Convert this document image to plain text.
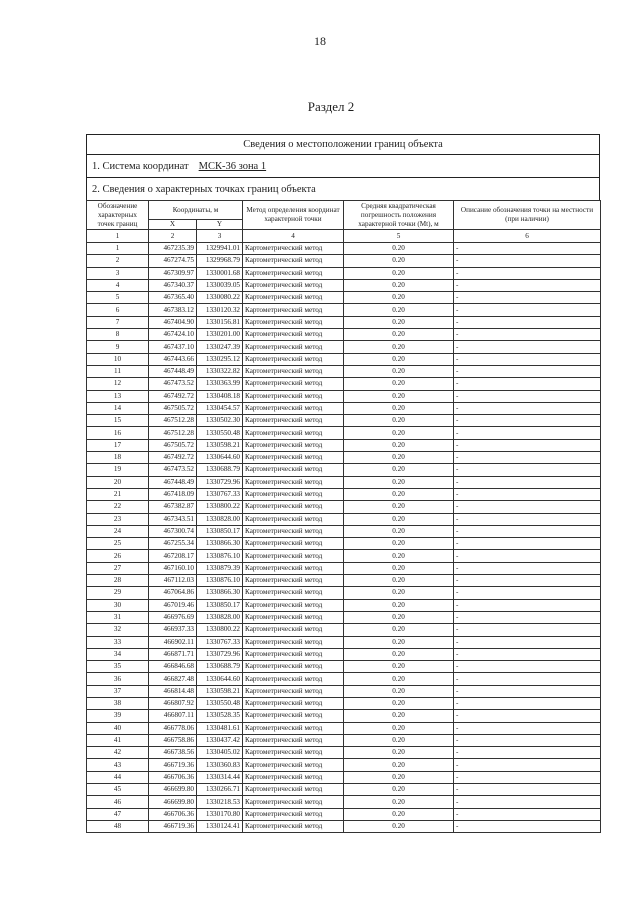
18
Раздел 2
Сведения о местоположении границ объекта
1. Система координат МСК-36 зона 1
2. Сведения о характерных точках границ объекта
Обозначение характерных точек границ	Координаты, м		Метод определения координат характерной точки	Средняя квадратическая погрешность положения характерной точки (Mt), м	Описание обозначения точки на местности (при наличии)
	X	Y			
1	2	3	4	5	6
1	467235.39	1329941.01	Картометрический метод	0.20	-
2	467274.75	1329968.79	Картометрический метод	0.20	-
3	467309.97	1330001.68	Картометрический метод	0.20	-
4	467340.37	1330039.05	Картометрический метод	0.20	-
5	467365.40	1330080.22	Картометрический метод	0.20	-
6	467383.12	1330120.32	Картометрический метод	0.20	-
7	467404.90	1330156.81	Картометрический метод	0.20	-
8	467424.10	1330201.00	Картометрический метод	0.20	-
9	467437.10	1330247.39	Картометрический метод	0.20	-
10	467443.66	1330295.12	Картометрический метод	0.20	-
11	467448.49	1330322.82	Картометрический метод	0.20	-
12	467473.52	1330363.99	Картометрический метод	0.20	-
13	467492.72	1330408.18	Картометрический метод	0.20	-
14	467505.72	1330454.57	Картометрический метод	0.20	-
15	467512.28	1330502.30	Картометрический метод	0.20	-
16	467512.28	1330550.48	Картометрический метод	0.20	-
17	467505.72	1330598.21	Картометрический метод	0.20	-
18	467492.72	1330644.60	Картометрический метод	0.20	-
19	467473.52	1330688.79	Картометрический метод	0.20	-
20	467448.49	1330729.96	Картометрический метод	0.20	-
21	467418.09	1330767.33	Картометрический метод	0.20	-
22	467382.87	1330800.22	Картометрический метод	0.20	-
23	467343.51	1330828.00	Картометрический метод	0.20	-
24	467300.74	1330850.17	Картометрический метод	0.20	-
25	467255.34	1330866.30	Картометрический метод	0.20	-
26	467208.17	1330876.10	Картометрический метод	0.20	-
27	467160.10	1330879.39	Картометрический метод	0.20	-
28	467112.03	1330876.10	Картометрический метод	0.20	-
29	467064.86	1330866.30	Картометрический метод	0.20	-
30	467019.46	1330850.17	Картометрический метод	0.20	-
31	466976.69	1330828.00	Картометрический метод	0.20	-
32	466937.33	1330800.22	Картометрический метод	0.20	-
33	466902.11	1330767.33	Картометрический метод	0.20	-
34	466871.71	1330729.96	Картометрический метод	0.20	-
35	466846.68	1330688.79	Картометрический метод	0.20	-
36	466827.48	1330644.60	Картометрический метод	0.20	-
37	466814.48	1330598.21	Картометрический метод	0.20	-
38	466807.92	1330550.48	Картометрический метод	0.20	-
39	466807.11	1330528.35	Картометрический метод	0.20	-
40	466778.06	1330481.61	Картометрический метод	0.20	-
41	466758.86	1330437.42	Картометрический метод	0.20	-
42	466738.56	1330405.02	Картометрический метод	0.20	-
43	466719.36	1330360.83	Картометрический метод	0.20	-
44	466706.36	1330314.44	Картометрический метод	0.20	-
45	466699.80	1330266.71	Картометрический метод	0.20	-
46	466699.80	1330218.53	Картометрический метод	0.20	-
47	466706.36	1330170.80	Картометрический метод	0.20	-
48	466719.36	1330124.41	Картометрический метод	0.20	-
